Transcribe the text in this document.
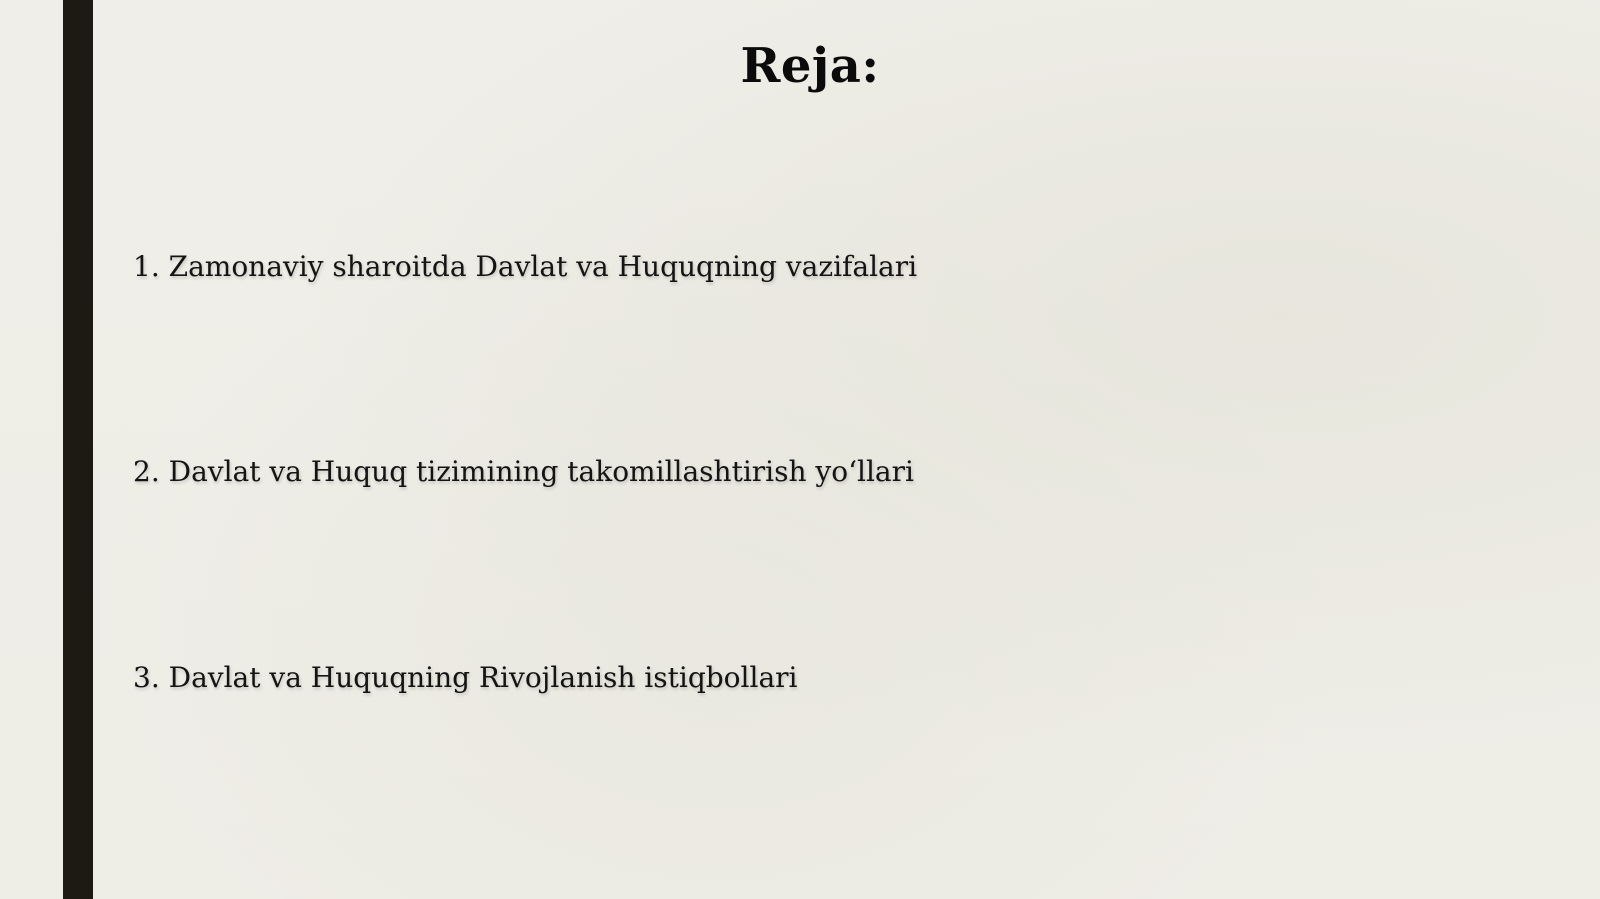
Reja:
1. Zamonaviy sharoitda Davlat va Huquqning vazifalari
2. Davlat va Huquq tizimining takomillashtirish yo‘llari
3. Davlat va Huquqning Rivojlanish istiqbollari
